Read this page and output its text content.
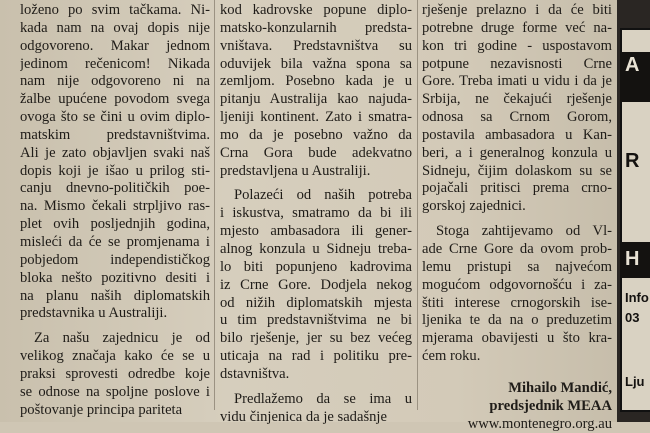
loženo po svim tačkama. Ni-
kada nam na ovaj dopis nije
odgovoreno. Makar jednom
jedinom rečenicom! Nikada
nam nije odgovoreno ni na
žalbe upućene povodom svega
ovoga što se čini u ovim diplo-
matskim predstavništvima.
Ali je zato objavljen svaki naš
dopis koji je išao u prilog sti-
canju dnevno-političkih poe-
na. Mismo čekali strpljivo ras-
plet ovih posljednjih godina,
misleći da će se promjenama i
pobjedom independističkog
bloka nešto pozitivno desiti i
na planu naših diplomatskih
predstavnika u Australiji.

Za našu zajednicu je od
velikog značaja kako će se u
praksi sprovesti odredbe koje
se odnose na spoljne poslove i
poštovanje principa pariteta

kod kadrovske popune diplo-
matsko-konzularnih predsta-
vništava. Predstavništva su
oduvijek bila važna spona sa
zemljom. Posebno kada je u
pitanju Australija kao najuda-
ljeniji kontinent. Zato i smatra-
mo da je posebno važno da
Crna Gora bude adekvatno
predstavljena u Australiji.

Polazeći od naših potreba
i iskustva, smatramo da bi ili
mjesto ambasadora ili gener-
alnog konzula u Sidneju treba-
lo biti popunjeno kadrovima
iz Crne Gore. Dodjela nekog
od nižih diplomatskih mjesta
u tim predstavništvima ne bi
bilo rješenje, jer su bez većeg
uticaja na rad i politiku pre-
dstavništva.

Predlažemo da se ima u
vidu činjenica da je sadašnje

rješenje prelazno i da će biti
potrebne druge forme već na-
kon tri godine - uspostavom
potpune nezavisnosti Crne
Gore. Treba imati u vidu i da je
Srbija, ne čekajući rješenje
odnosa sa Crnom Gorom,
postavila ambasadora u Kan-
beri, a i generalnog konzula u
Sidneju, čijim dolaskom su se
pojačali pritisci prema crno-
gorskoj zajednici.

Stoga zahtijevamo od Vl-
ade Crne Gore da ovom prob-
lemu pristupi sa najvećom
mogućom odgovornošću i za-
štiti interese crnogorskih ise-
ljenika te da na o preduzetim
mjerama obavijesti u što kra-
ćem roku.

Mihailo Mandić,
predsjednik MEAA
www.montenegro.org.au

A
R
H
Info
03
Lju
